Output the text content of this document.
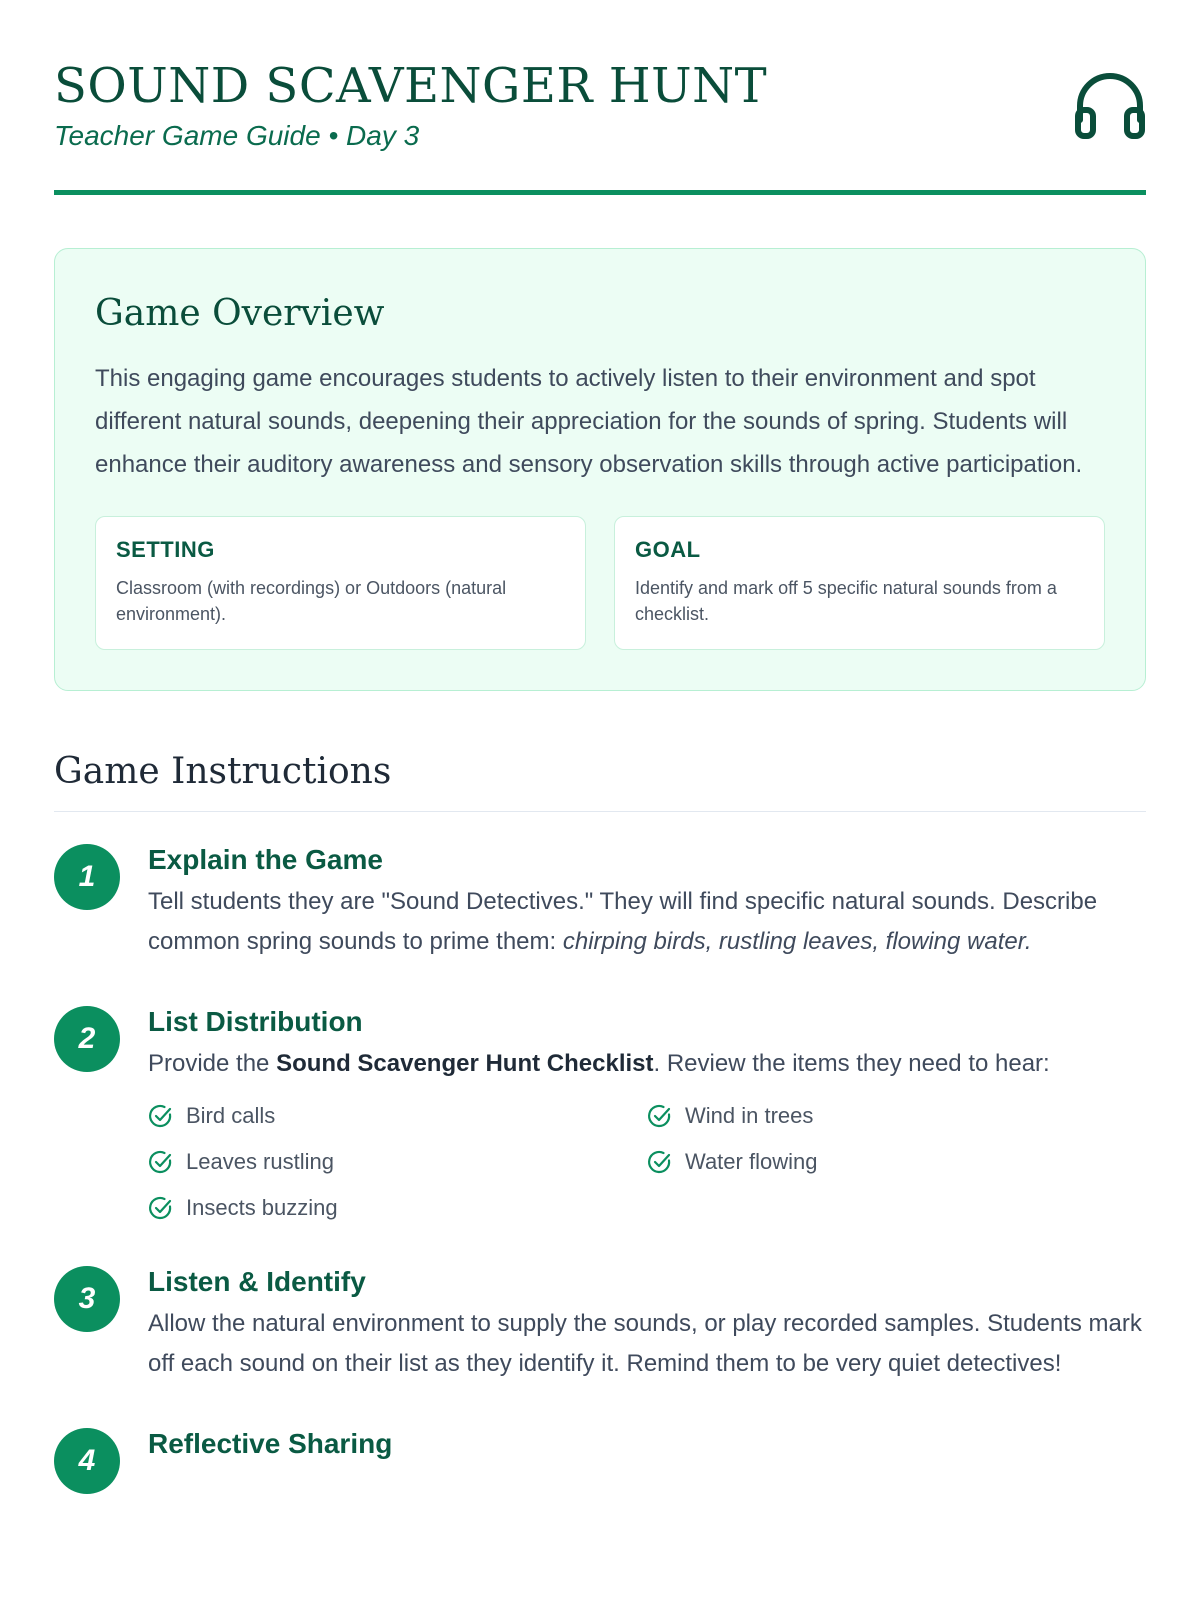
SOUND SCAVENGER HUNT
Teacher Game Guide • Day 3
Game Overview

This engaging game encourages students to actively listen to their environment and spot different natural sounds, deepening their appreciation for the sounds of spring. Students will enhance their auditory awareness and sensory observation skills through active participation.

SETTING
Classroom (with recordings) or Outdoors (natural environment).
GOAL
Identify and mark off 5 specific natural sounds from a checklist.
Game Instructions
1
Explain the Game
Tell students they are "Sound Detectives." They will find specific natural sounds. Describe common spring sounds to prime them: chirping birds, rustling leaves, flowing water.
2
List Distribution
Provide the Sound Scavenger Hunt Checklist. Review the items they need to hear:
Bird calls	Wind in trees
Leaves rustling	Water flowing
Insects buzzing
3
Listen & Identify
Allow the natural environment to supply the sounds, or play recorded samples. Students mark off each sound on their list as they identify it. Remind them to be very quiet detectives!
4
Reflective Sharing
